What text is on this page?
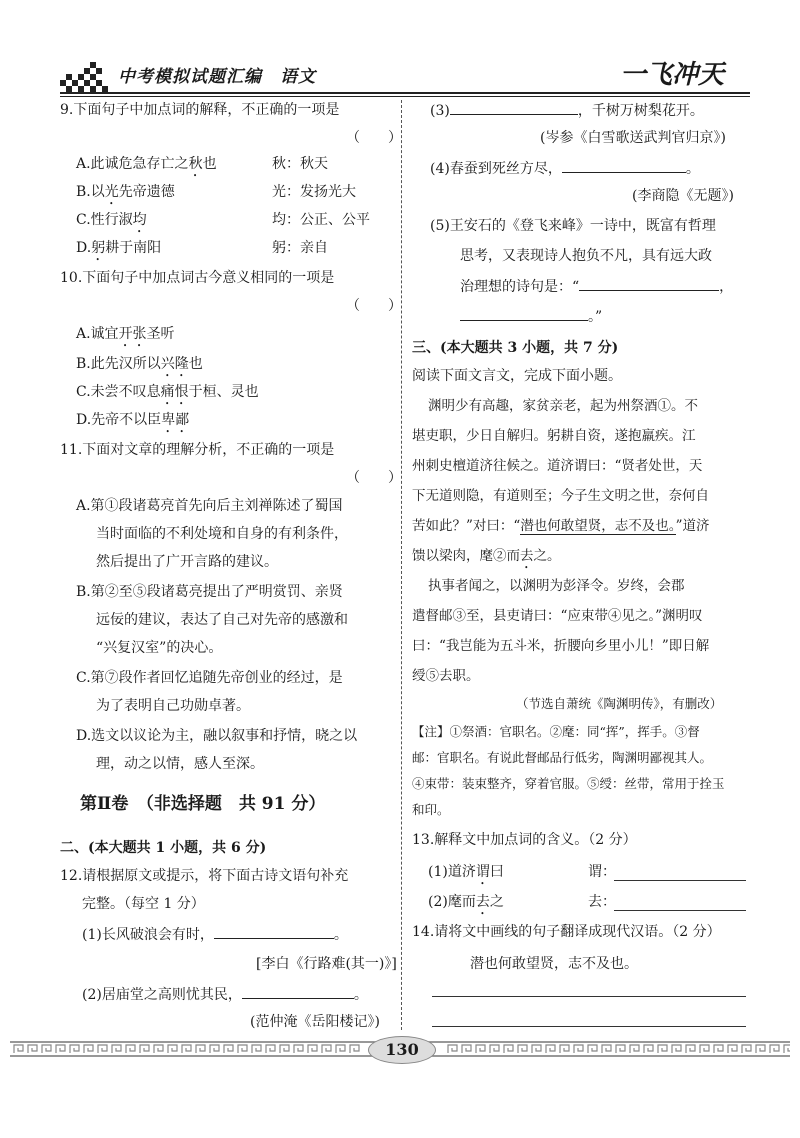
中考模拟试题汇编　语文	一飞冲天
9.下面句子中加点词的解释，不正确的一项是
（　　）
A.此诚危急存亡之秋也	秋：秋天
B.以光先帝遗德	光：发扬光大
C.性行淑均	均：公正、公平
D.躬耕于南阳	躬：亲自
10.下面句子中加点词古今意义相同的一项是
（　　）
A.诚宜开张圣听
B.此先汉所以兴隆也
C.未尝不叹息痛恨于桓、灵也
D.先帝不以臣卑鄙
11.下面对文章的理解分析，不正确的一项是
（　　）
A.第①段诸葛亮首先向后主刘禅陈述了蜀国
当时面临的不利处境和自身的有利条件，
然后提出了广开言路的建议。
B.第②至⑤段诸葛亮提出了严明赏罚、亲贤
远佞的建议，表达了自己对先帝的感激和
“兴复汉室”的决心。
C.第⑦段作者回忆追随先帝创业的经过，是
为了表明自己功勋卓著。
D.选文以议论为主，融以叙事和抒情，晓之以
理，动之以情，感人至深。
第Ⅱ卷　（非选择题　共 91 分）
二、(本大题共 1 小题，共 6 分)
12.请根据原文或提示，将下面古诗文语句补充
完整。（每空 1 分）
(1)长风破浪会有时，	。
[李白《行路难(其一)》]
(2)居庙堂之高则忧其民，	。
(范仲淹《岳阳楼记》)
(3)	，千树万树梨花开。
(岑参《白雪歌送武判官归京》)
(4)春蚕到死丝方尽，	。
(李商隐《无题》)
(5)王安石的《登飞来峰》一诗中，既富有哲理
思考，又表现诗人抱负不凡，具有远大政
治理想的诗句是：“	，
。”
三、(本大题共 3 小题，共 7 分)
阅读下面文言文，完成下面小题。
渊明少有高趣，家贫亲老，起为州祭酒①。不
堪吏职，少日自解归。躬耕自资，遂抱羸疾。江
州刺史檀道济往候之。道济谓曰：“贤者处世，天
下无道则隐，有道则至；今子生文明之世，奈何自
苦如此？”对曰：“潜也何敢望贤，志不及也。”道济
馈以梁肉，麾②而去之。
执事者闻之，以渊明为彭泽令。岁终，会郡
遣督邮③至，县吏请曰：“应束带④见之。”渊明叹
曰：“我岂能为五斗米，折腰向乡里小儿！”即日解
绶⑤去职。
（节选自萧统《陶渊明传》，有删改）
【注】①祭酒：官职名。②麾：同“挥”，挥手。③督
邮：官职名。有说此督邮品行低劣，陶渊明鄙视其人。
④束带：装束整齐，穿着官服。⑤绶：丝带，常用于拴玉
和印。
13.解释文中加点词的含义。（2 分）
(1)道济谓曰	谓：
(2)麾而去之	去：
14.请将文中画线的句子翻译成现代汉语。（2 分）
潜也何敢望贤，志不及也。
130
